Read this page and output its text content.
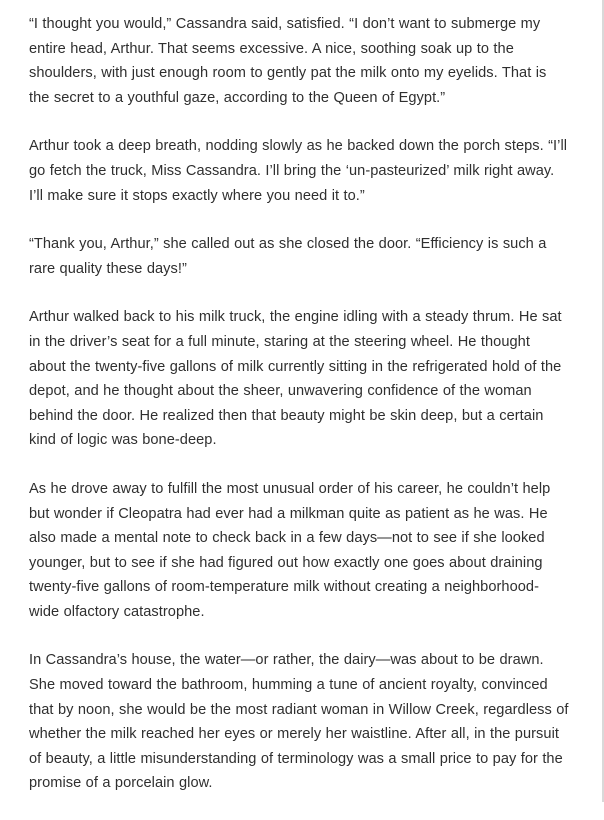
“I thought you would,” Cassandra said, satisfied. “I don’t want to submerge my entire head, Arthur. That seems excessive. A nice, soothing soak up to the shoulders, with just enough room to gently pat the milk onto my eyelids. That is the secret to a youthful gaze, according to the Queen of Egypt.”

Arthur took a deep breath, nodding slowly as he backed down the porch steps. “I’ll go fetch the truck, Miss Cassandra. I’ll bring the ‘un-pasteurized’ milk right away. I’ll make sure it stops exactly where you need it to.”

“Thank you, Arthur,” she called out as she closed the door. “Efficiency is such a rare quality these days!”

Arthur walked back to his milk truck, the engine idling with a steady thrum. He sat in the driver’s seat for a full minute, staring at the steering wheel. He thought about the twenty-five gallons of milk currently sitting in the refrigerated hold of the depot, and he thought about the sheer, unwavering confidence of the woman behind the door. He realized then that beauty might be skin deep, but a certain kind of logic was bone-deep.

As he drove away to fulfill the most unusual order of his career, he couldn’t help but wonder if Cleopatra had ever had a milkman quite as patient as he was. He also made a mental note to check back in a few days—not to see if she looked younger, but to see if she had figured out how exactly one goes about draining twenty-five gallons of room-temperature milk without creating a neighborhood-wide olfactory catastrophe.

In Cassandra’s house, the water—or rather, the dairy—was about to be drawn. She moved toward the bathroom, humming a tune of ancient royalty, convinced that by noon, she would be the most radiant woman in Willow Creek, regardless of whether the milk reached her eyes or merely her waistline. After all, in the pursuit of beauty, a little misunderstanding of terminology was a small price to pay for the promise of a porcelain glow.
